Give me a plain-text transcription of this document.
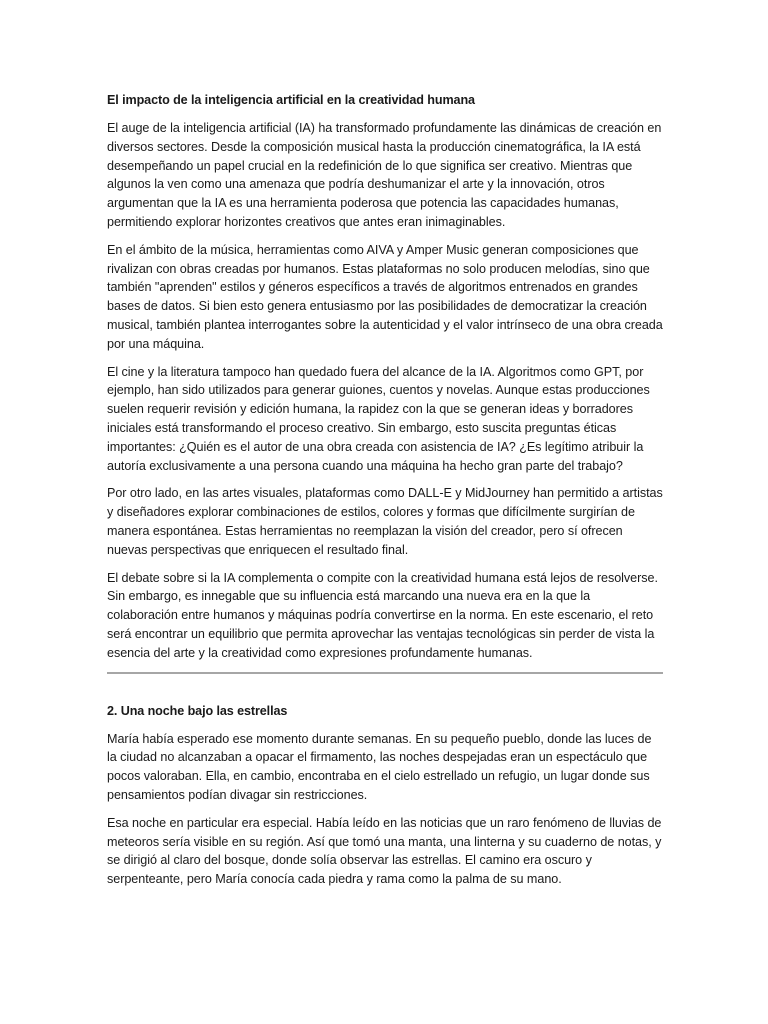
El impacto de la inteligencia artificial en la creatividad humana

El auge de la inteligencia artificial (IA) ha transformado profundamente las dinámicas de creación en diversos sectores. Desde la composición musical hasta la producción cinematográfica, la IA está desempeñando un papel crucial en la redefinición de lo que significa ser creativo. Mientras que algunos la ven como una amenaza que podría deshumanizar el arte y la innovación, otros argumentan que la IA es una herramienta poderosa que potencia las capacidades humanas, permitiendo explorar horizontes creativos que antes eran inimaginables.

En el ámbito de la música, herramientas como AIVA y Amper Music generan composiciones que rivalizan con obras creadas por humanos. Estas plataformas no solo producen melodías, sino que también "aprenden" estilos y géneros específicos a través de algoritmos entrenados en grandes bases de datos. Si bien esto genera entusiasmo por las posibilidades de democratizar la creación musical, también plantea interrogantes sobre la autenticidad y el valor intrínseco de una obra creada por una máquina.

El cine y la literatura tampoco han quedado fuera del alcance de la IA. Algoritmos como GPT, por ejemplo, han sido utilizados para generar guiones, cuentos y novelas. Aunque estas producciones suelen requerir revisión y edición humana, la rapidez con la que se generan ideas y borradores iniciales está transformando el proceso creativo. Sin embargo, esto suscita preguntas éticas importantes: ¿Quién es el autor de una obra creada con asistencia de IA? ¿Es legítimo atribuir la autoría exclusivamente a una persona cuando una máquina ha hecho gran parte del trabajo?

Por otro lado, en las artes visuales, plataformas como DALL-E y MidJourney han permitido a artistas y diseñadores explorar combinaciones de estilos, colores y formas que difícilmente surgirían de manera espontánea. Estas herramientas no reemplazan la visión del creador, pero sí ofrecen nuevas perspectivas que enriquecen el resultado final.

El debate sobre si la IA complementa o compite con la creatividad humana está lejos de resolverse. Sin embargo, es innegable que su influencia está marcando una nueva era en la que la colaboración entre humanos y máquinas podría convertirse en la norma. En este escenario, el reto será encontrar un equilibrio que permita aprovechar las ventajas tecnológicas sin perder de vista la esencia del arte y la creatividad como expresiones profundamente humanas.

2. Una noche bajo las estrellas

María había esperado ese momento durante semanas. En su pequeño pueblo, donde las luces de la ciudad no alcanzaban a opacar el firmamento, las noches despejadas eran un espectáculo que pocos valoraban. Ella, en cambio, encontraba en el cielo estrellado un refugio, un lugar donde sus pensamientos podían divagar sin restricciones.

Esa noche en particular era especial. Había leído en las noticias que un raro fenómeno de lluvias de meteoros sería visible en su región. Así que tomó una manta, una linterna y su cuaderno de notas, y se dirigió al claro del bosque, donde solía observar las estrellas. El camino era oscuro y serpenteante, pero María conocía cada piedra y rama como la palma de su mano.
